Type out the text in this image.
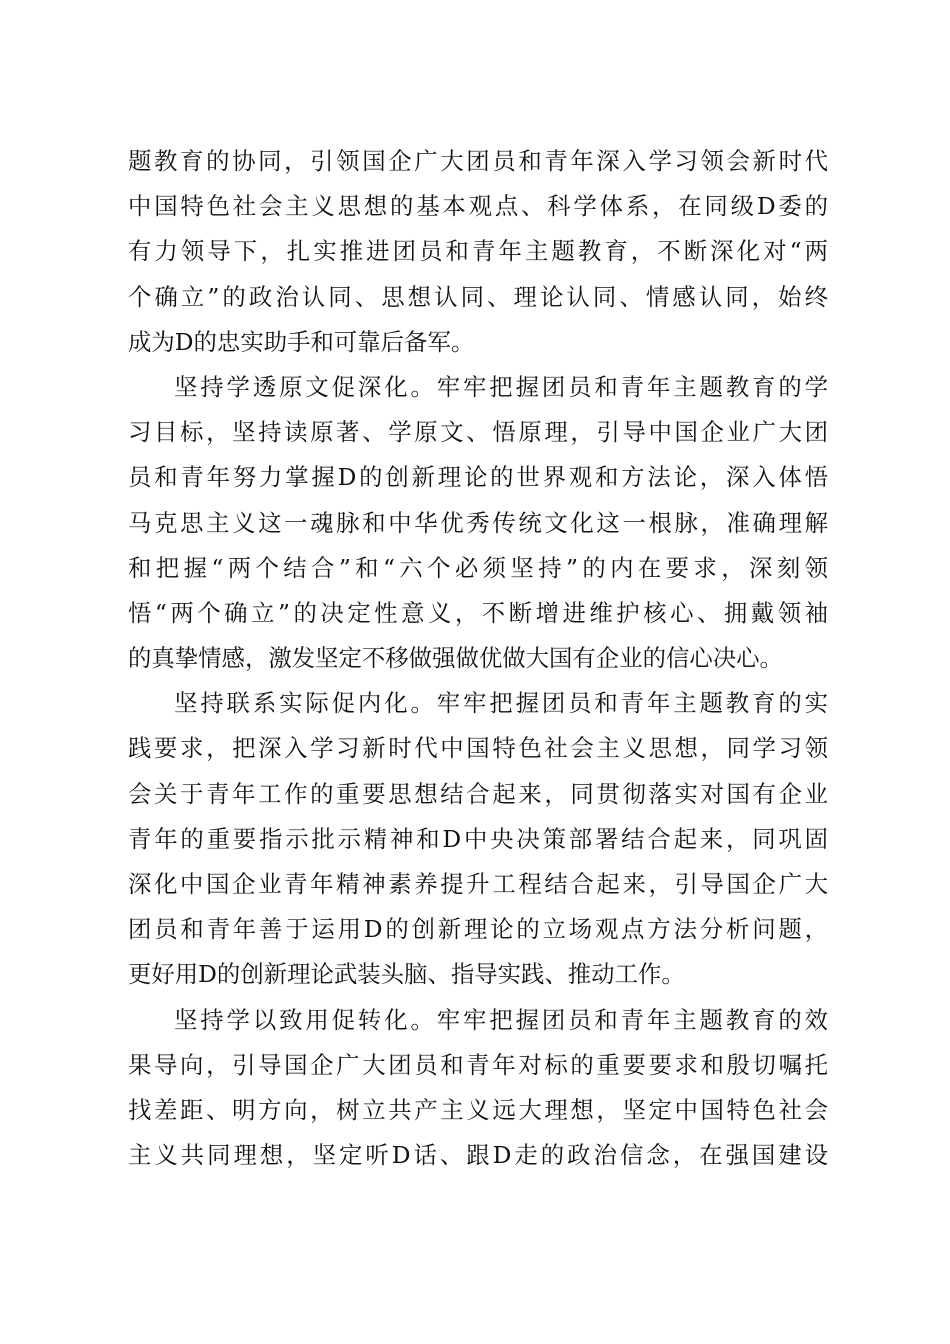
题教育的协同，引领国企广大团员和青年深入学习领会新时代
中国特色社会主义思想的基本观点、科学体系，在同级D委的
有力领导下，扎实推进团员和青年主题教育，不断深化对“两
个确立”的政治认同、思想认同、理论认同、情感认同，始终
成为D的忠实助手和可靠后备军。
坚持学透原文促深化。牢牢把握团员和青年主题教育的学
习目标，坚持读原著、学原文、悟原理，引导中国企业广大团
员和青年努力掌握D的创新理论的世界观和方法论，深入体悟
马克思主义这一魂脉和中华优秀传统文化这一根脉，准确理解
和把握“两个结合”和“六个必须坚持”的内在要求，深刻领
悟“两个确立”的决定性意义，不断增进维护核心、拥戴领袖
的真挚情感，激发坚定不移做强做优做大国有企业的信心决心。
坚持联系实际促内化。牢牢把握团员和青年主题教育的实
践要求，把深入学习新时代中国特色社会主义思想，同学习领
会关于青年工作的重要思想结合起来，同贯彻落实对国有企业
青年的重要指示批示精神和D中央决策部署结合起来，同巩固
深化中国企业青年精神素养提升工程结合起来，引导国企广大
团员和青年善于运用D的创新理论的立场观点方法分析问题，
更好用D的创新理论武装头脑、指导实践、推动工作。
坚持学以致用促转化。牢牢把握团员和青年主题教育的效
果导向，引导国企广大团员和青年对标的重要要求和殷切嘱托
找差距、明方向，树立共产主义远大理想，坚定中国特色社会
主义共同理想，坚定听D话、跟D走的政治信念，在强国建设
